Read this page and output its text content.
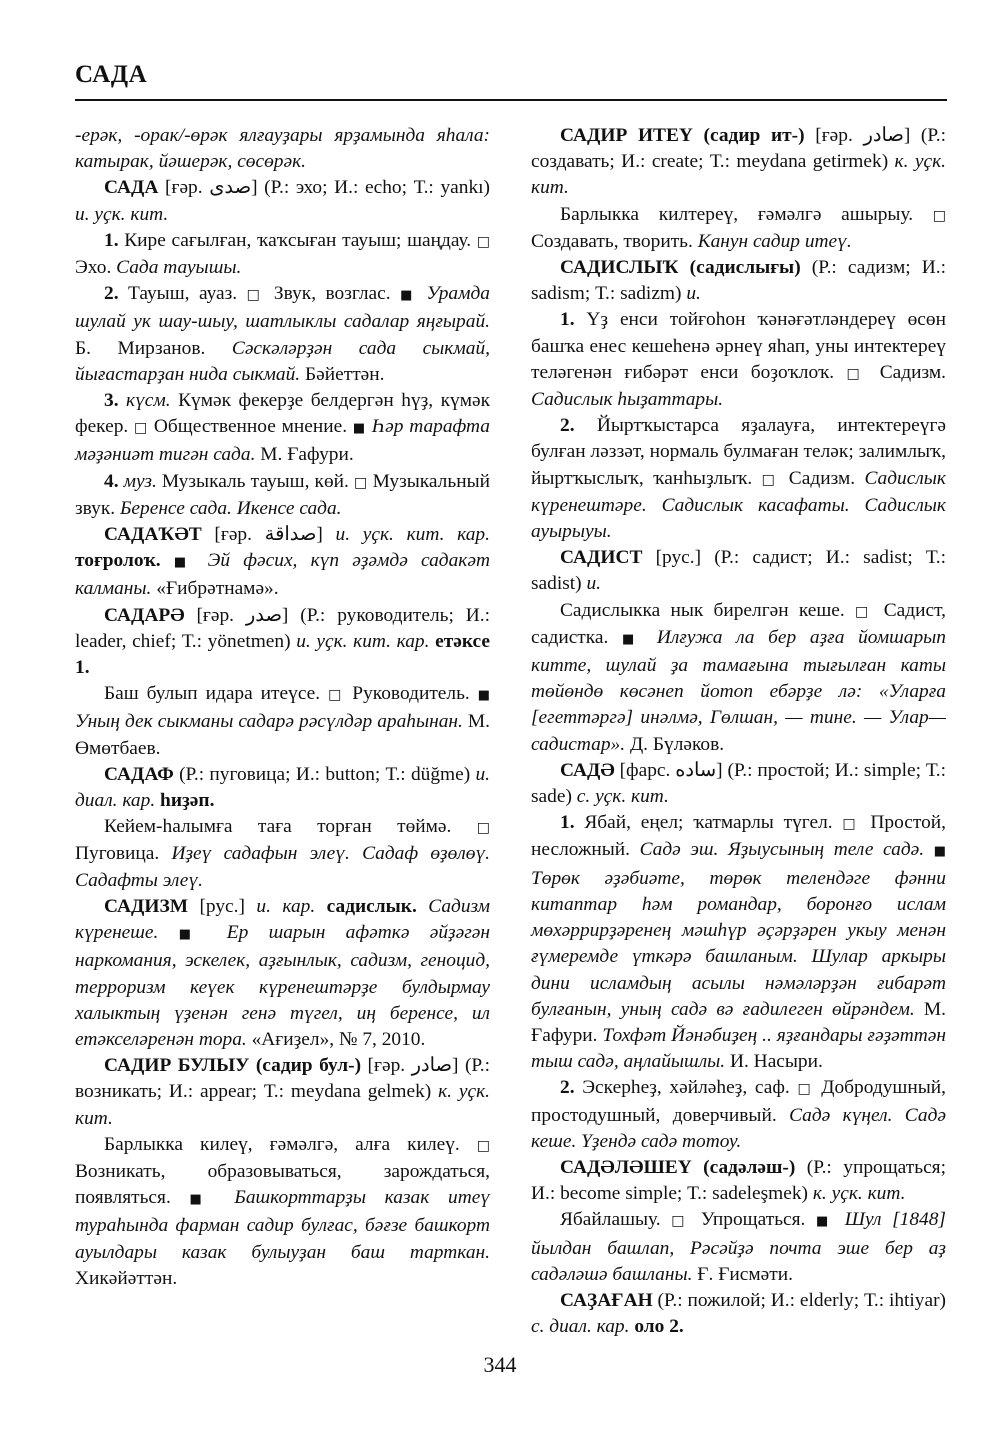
САДА

-ерәк, -орак/-өрәк ялғауҙары ярҙамында яһала: катырак, йәшерәк, сөсөрәк.

САДА [ғәр. صدی] (Р.: эхо; И.: echo; Т.: yankı) и. уҫк. кит.

1. Кире сағылған, ҡаҡсыған тауыш; шаңдау. □ Эхо. Сада тауышы.

2. Тауыш, ауаз. □ Звук, возглас. ■ Урамда шулай ук шау-шыу, шатлыклы садалар яңғырай. Б. Мирзанов. Сәскәләрҙән сада сыкмай, йығастарҙан нида сыкмай. Бәйеттән.

3. күсм. Күмәк фекерҙе белдергән һүҙ, күмәк фекер. □ Общественное мнение. ■ Һәр тарафта мәҙәниәт тигән сада. М. Ғафури.

4. муз. Музыкаль тауыш, көй. □ Музыкальный звук. Беренсе сада. Икенсе сада.

САДАҠӘТ [ғәр. صداقة] и. уҫк. кит. кар. тоғролоҡ. ■ Эй фәсих, күп әҙәмдә садакәт калманы. «Ғибрәтнамә».

САДАРӘ [ғәр. صدر] (Р.: руководитель; И.: leader, chief; Т.: yönetmen) и. уҫк. кит. кар. етәксе 1.

Баш булып идара итеүсе. □ Руководитель. ■ Уның дек сыкманы садарә рәсүлдәр араһынан. М. Өмөтбаев.

САДАФ (Р.: пуговица; И.: button; Т.: düğme) и. диал. кар. һиҙәп.

Кейем-һалымға таға торған төймә. □ Пуговица. Иҙеү садафын элеү. Садаф өҙөлөү. Садафты элеү.

САДИЗМ [рус.] и. кар. садислык. Садизм күренеше. ■ Ер шарын афәткә әйҙәгән наркомания, эскелек, аҙғынлык, садизм, геноцид, терроризм кеүек күренештәрҙе булдырмау халыктың үҙенән генә түгел, иң беренсе, ил етәкселәренән тора. «Ағиҙел», № 7, 2010.

САДИР БУЛЫУ (садир бул-) [ғәр. صادر] (Р.: возникать; И.: appear; Т.: meydana gelmek) к. уҫк. кит.

Барлыкка килеү, ғәмәлгә, алға килеү. □ Возникать, образовываться, зарождаться, появляться. ■ Башкорттарҙы казак итеү тураһында фарман садир булғас, бәғзе башкорт ауылдары казак булыуҙан баш тарткан. Хикәйәттән.

САДИР ИТЕҮ (садир ит-) [ғәр. صادر] (Р.: создавать; И.: create; Т.: meydana getirmek) к. уҫк. кит.

Барлыкка килтереү, ғәмәлгә ашырыу. □ Создавать, творить. Канун садир итеү.

САДИСЛЫҠ (садислығы) (Р.: садизм; И.: sadism; Т.: sadizm) и.

1. Үҙ енси тойғоһон ҡәнәғәтләндереү өсөн башҡа енес кешеһенә әрнеү яһап, уны интектереү теләгенән ғибәрәт енси боҙоҡлоҡ. □ Садизм. Садислык һыҙаттары.

2. Йыртҡыстарса яҙалауға, интектереүгә булған ләззәт, нормаль булмаған теләк; залимлыҡ, йыртҡыслыҡ, ҡанһыҙлыҡ. □ Садизм. Садислык күренештәре. Садислык касафаты. Садислык ауырыуы.

САДИСТ [рус.] (Р.: садист; И.: sadist; Т.: sadist) и.

Садислыкка нык бирелгән кеше. □ Садист, садистка. ■ Илғужа ла бер аҙға йомшарып китте, шулай ҙа тамағына тығылған каты төйөндө көсәнеп йотоп ебәрҙе лә: «Уларға [егеттәргә] инәлмә, Гөлшан, — тине. — Улар— садистар». Д. Бүләков.

САДӘ [фарс. ساده] (Р.: простой; И.: simple; Т.: sade) с. уҫк. кит.

1. Ябай, еңел; ҡатмарлы түгел. □ Простой, несложный. Садә эш. Яҙыусының теле садә. ■ Төрөк әҙәбиәте, төрөк телендәге фәнни китаптар һәм романдар, боронғо ислам мөхәррирҙәренең мәшһүр әҫәрҙәрен укыу менән ғүмеремде үткәрә башланым. Шулар аркыры дини исламдың асылы нәмәләрҙән ғибарәт булғанын, уның садә вә ғадилеген өйрәндем. М. Ғафури. Тохфәт Йәнәбиҙең .. яҙғандары ғәҙәттән тыш садә, аңлайышлы. И. Насыри.

2. Эскерһеҙ, хәйләһеҙ, саф. □ Добродушный, простодушный, доверчивый. Садә күңел. Садә кеше. Үҙендә садә тотоу.

САДӘЛӘШЕҮ (садәләш-) (Р.: упрощаться; И.: become simple; Т.: sadeleşmek) к. уҫк. кит.

Ябайлашыу. □ Упрощаться. ■ Шул [1848] йылдан башлап, Рәсәйҙә почта эше бер аҙ садәләшә башланы. Ғ. Ғисмәти.

САҘАҒАН (Р.: пожилой; И.: elderly; Т.: ihtiyar) с. диал. кар. оло 2.

344
